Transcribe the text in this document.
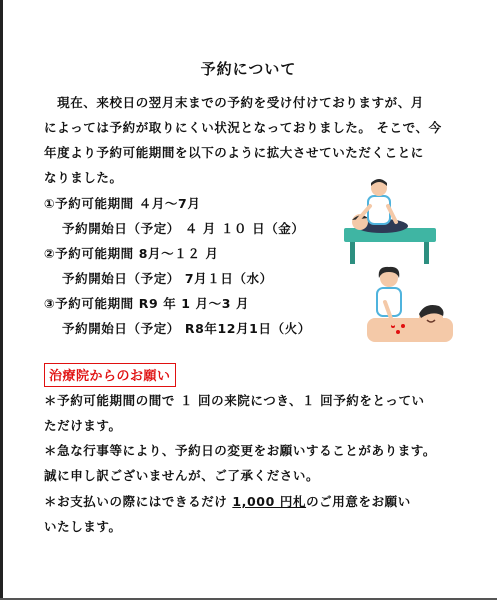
予約について
　現在、来校日の翌月末までの予約を受け付けておりますが、月
によっては予約が取りにくい状況となっておりました。 そこで、今
年度より予約可能期間を以下のように拡大させていただくことに
なりました。
①予約可能期間 ４月～7月
予約開始日（予定） ４ 月 １０ 日（金）
②予約可能期間 8月～１２ 月
予約開始日（予定） 7月１日（水）
③予約可能期間 R9 年 1 月～3 月
予約開始日（予定） R8年12月1日（火）
治療院からのお願い
＊予約可能期間の間で １ 回の来院につき、１ 回予約をとってい
ただけます。
＊急な行事等により、予約日の変更をお願いすることがあります。
誠に申し訳ございませんが、ご了承ください。
＊お支払いの際にはできるだけ 1,000 円札のご用意をお願い
いたします。
